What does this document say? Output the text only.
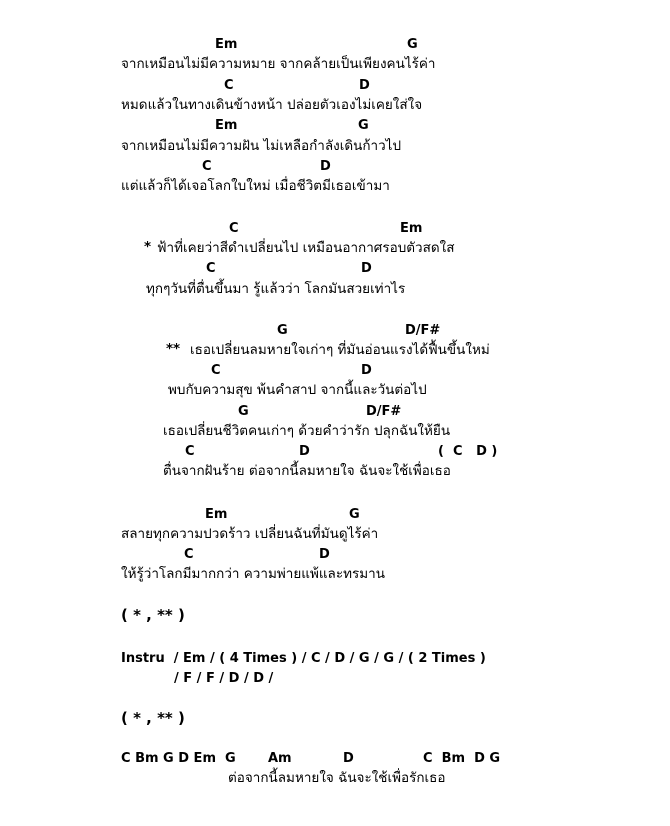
Em	G
จากเหมือนไม่มีความหมาย จากคล้ายเป็นเพียงคนไร้ค่า
C	D
หมดแล้วในทางเดินข้างหน้า ปล่อยตัวเองไม่เคยใส่ใจ
Em	G
จากเหมือนไม่มีความฝัน ไม่เหลือกำลังเดินก้าวไป
C	D
แต่แล้วก็ได้เจอโลกใบใหม่ เมื่อชีวิตมีเธอเข้ามา
C	Em
* ฟ้าที่เคยว่าสีดำเปลี่ยนไป เหมือนอากาศรอบตัวสดใส
C	D
ทุกๆวันที่ตื่นขึ้นมา รู้แล้วว่า โลกมันสวยเท่าไร
G	D/F#
** เธอเปลี่ยนลมหายใจเก่าๆ ที่มันอ่อนแรงได้ฟื้นขึ้นใหม่
C	D
พบกับความสุข พ้นคำสาป จากนี้และวันต่อไป
G	D/F#
เธอเปลี่ยนชีวิตคนเก่าๆ ด้วยคำว่ารัก ปลุกฉันให้ยืน
C	D	(  C   D )
ตื่นจากฝันร้าย ต่อจากนี้ลมหายใจ ฉันจะใช้เพื่อเธอ
Em	G
สลายทุกความปวดร้าว เปลี่ยนฉันที่มันดูไร้ค่า
C	D
ให้รู้ว่าโลกมีมากกว่า ความพ่ายแพ้และทรมาน
( * , ** )
Instru  / Em / ( 4 Times ) / C / D / G / G / ( 2 Times )
/ F / F / D / D /
( * , ** )
C Bm G D Em  G Am	D	C  Bm  D G
ต่อจากนี้ลมหายใจ ฉันจะใช้เพื่อรักเธอ
